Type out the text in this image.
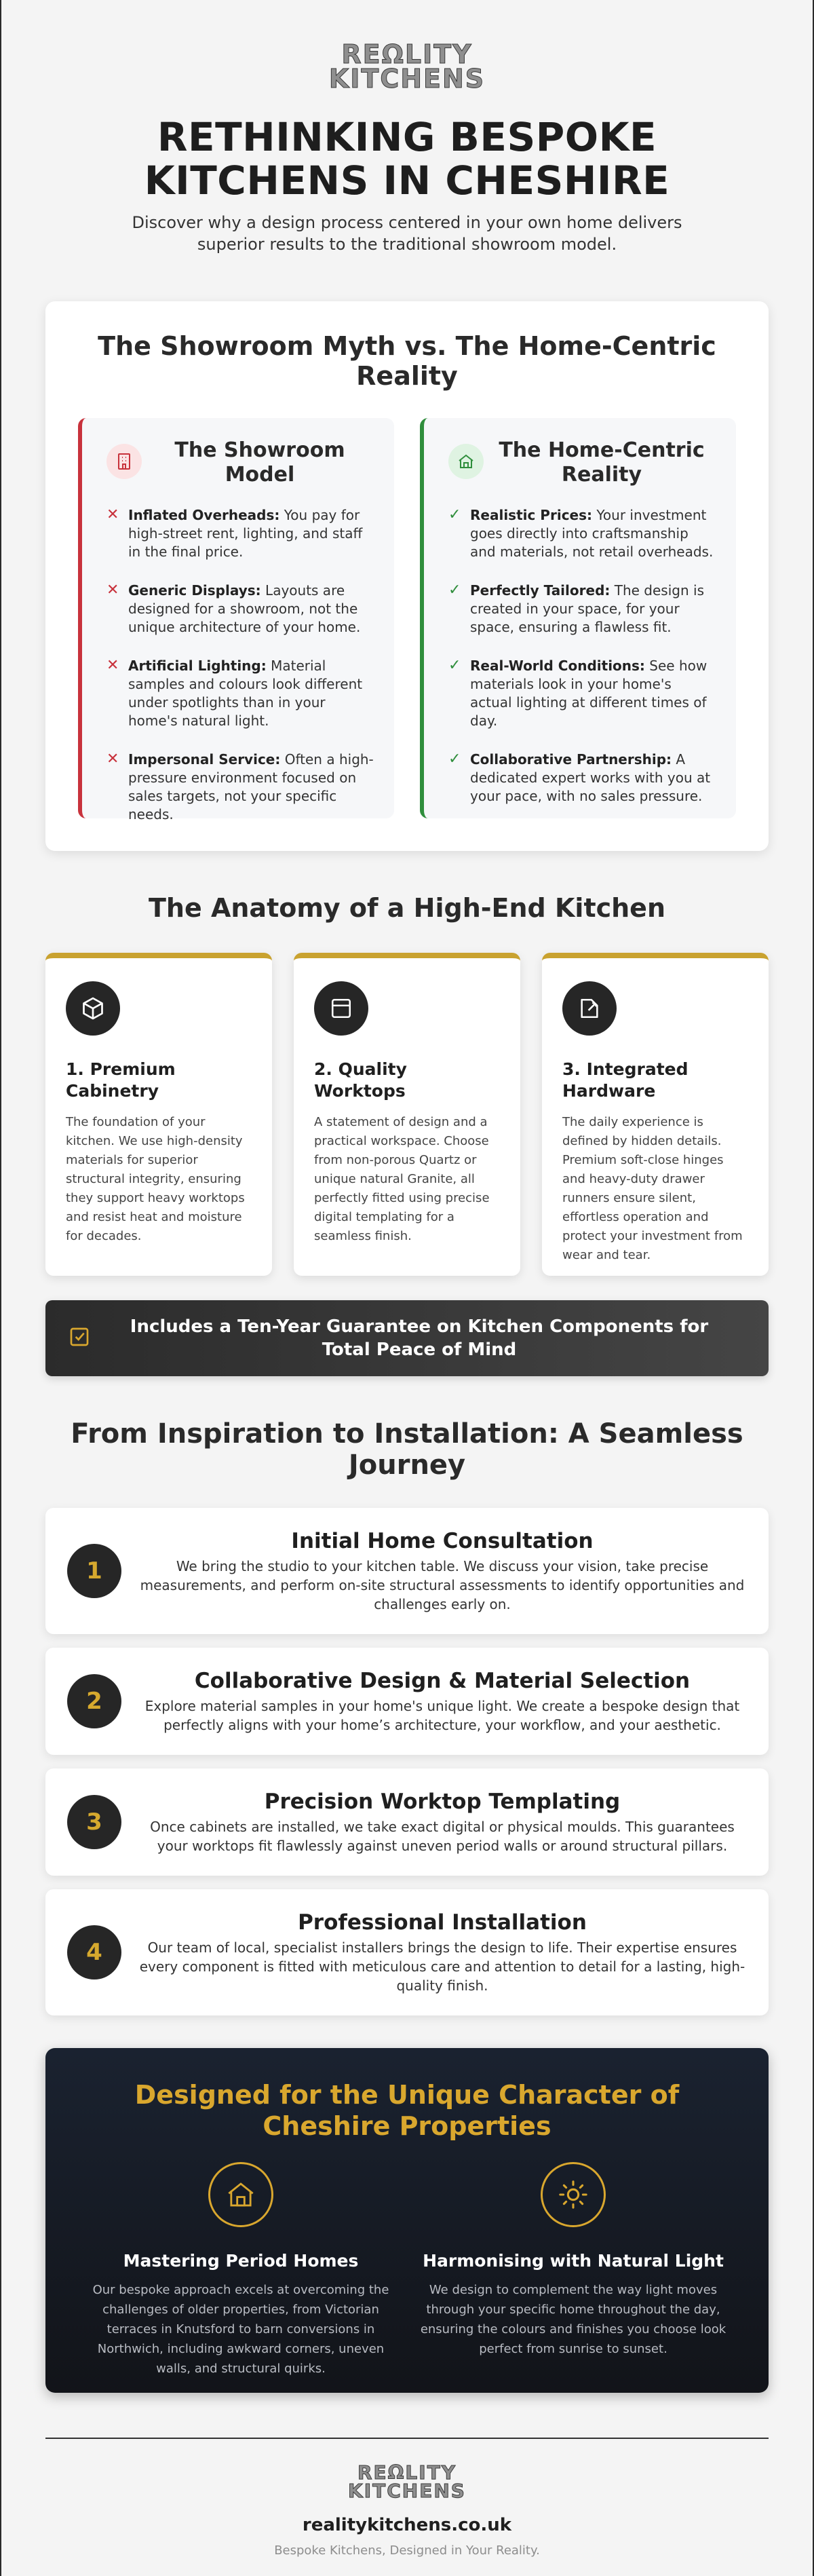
REΩLITY
KITCHENS
RETHINKING BESPOKE
KITCHENS IN CHESHIRE

Discover why a design process centered in your own home delivers superior results to the traditional showroom model.

The Showroom Myth vs. The Home-Centric Reality
The Showroom Model
✕ Inflated Overheads: You pay for high-street rent, lighting, and staff in the final price.

✕ Generic Displays: Layouts are designed for a showroom, not the unique architecture of your home.

✕ Artificial Lighting: Material samples and colours look different under spotlights than in your home's natural light.

✕ Impersonal Service: Often a high-pressure environment focused on sales targets, not your specific needs.

The Home-Centric Reality
✓ Realistic Prices: Your investment goes directly into craftsmanship and materials, not retail overheads.

✓ Perfectly Tailored: The design is created in your space, for your space, ensuring a flawless fit.

✓ Real-World Conditions: See how materials look in your home's actual lighting at different times of day.

✓ Collaborative Partnership: A dedicated expert works with you at your pace, with no sales pressure.

The Anatomy of a High-End Kitchen
1. Premium Cabinetry

The foundation of your kitchen. We use high-density materials for superior structural integrity, ensuring they support heavy worktops and resist heat and moisture for decades.

2. Quality Worktops

A statement of design and a practical workspace. Choose from non-porous Quartz or unique natural Granite, all perfectly fitted using precise digital templating for a seamless finish.

3. Integrated Hardware

The daily experience is defined by hidden details. Premium soft-close hinges and heavy-duty drawer runners ensure silent, effortless operation and protect your investment from wear and tear.

Includes a Ten-Year Guarantee on Kitchen Components for Total Peace of Mind

From Inspiration to Installation: A Seamless Journey
1
Initial Home Consultation

We bring the studio to your kitchen table. We discuss your vision, take precise measurements, and perform on-site structural assessments to identify opportunities and challenges early on.

2
Collaborative Design & Material Selection

Explore material samples in your home's unique light. We create a bespoke design that perfectly aligns with your home’s architecture, your workflow, and your aesthetic.

3
Precision Worktop Templating

Once cabinets are installed, we take exact digital or physical moulds. This guarantees your worktops fit flawlessly against uneven period walls or around structural pillars.

4
Professional Installation

Our team of local, specialist installers brings the design to life. Their expertise ensures every component is fitted with meticulous care and attention to detail for a lasting, high-quality finish.

Designed for the Unique Character of Cheshire Properties
Mastering Period Homes

Our bespoke approach excels at overcoming the challenges of older properties, from Victorian terraces in Knutsford to barn conversions in Northwich, including awkward corners, uneven walls, and structural quirks.

Harmonising with Natural Light

We design to complement the way light moves through your specific home throughout the day, ensuring the colours and finishes you choose look perfect from sunrise to sunset.

REΩLITY
KITCHENS

realitykitchens.co.uk

Bespoke Kitchens, Designed in Your Reality.
